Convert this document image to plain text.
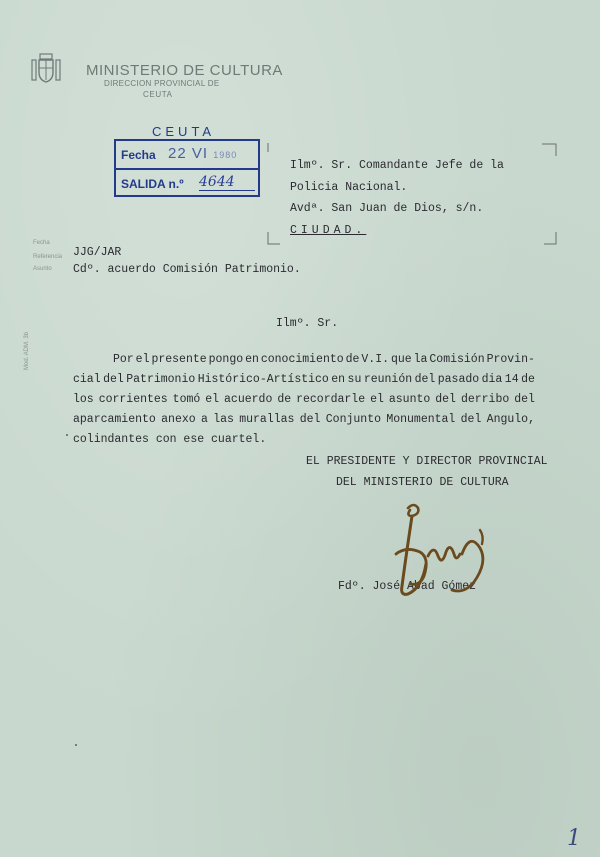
MINISTERIO DE CULTURA
DIRECCION PROVINCIAL DE
CEUTA
CEUTA
Fecha 22 VI 1980
SALIDA n.º 4644
Ilmº. Sr. Comandante Jefe de la
Policia Nacional.
Avdª. San Juan de Dios, s/n.
CIUDAD.
Fecha
Referencia
Asunto
JJG/JAR
Cdº. acuerdo Comisión Patrimonio.
Ilmº. Sr.
Por el presente pongo en conocimiento de V.I. que la Comisión Provin-
cial del Patrimonio Histórico-Artístico en su reunión del pasado dia 14 de
los corrientes tomó el acuerdo de recordarle el asunto del derribo del
aparcamiento anexo a las murallas del Conjunto Monumental del Angulo,
colindantes con ese cuartel.
Mod. ADM. 3b
EL PRESIDENTE Y DIRECTOR PROVINCIAL
DEL MINISTERIO DE CULTURA
Fdº. José Abad Gómez
1
